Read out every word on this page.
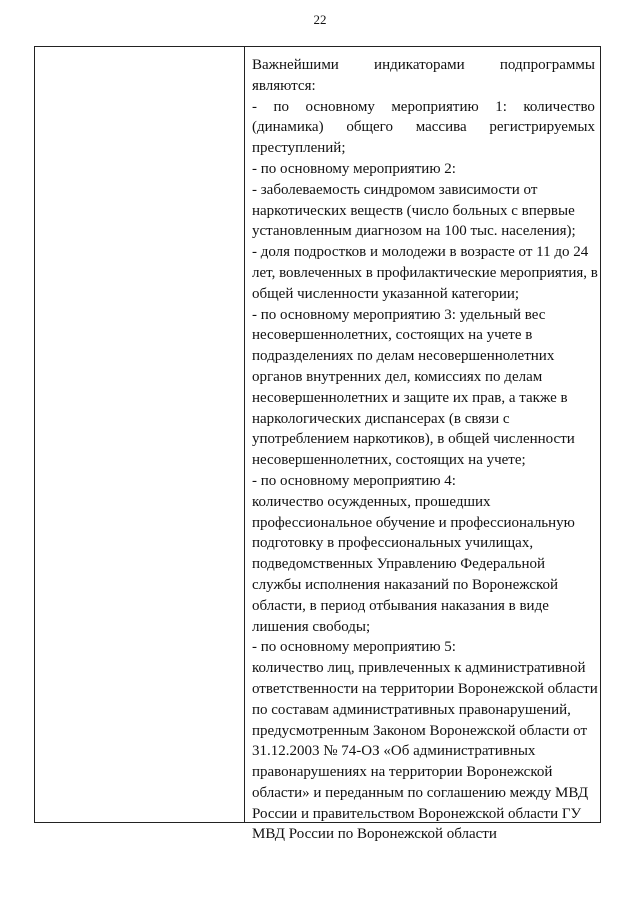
22
Важнейшими индикаторами подпрограммы
являются:
- по основному мероприятию 1: количество
(динамика) общего массива регистрируемых
преступлений;
- по основному мероприятию 2:
- заболеваемость синдромом зависимости от
наркотических веществ (число больных с впервые
установленным диагнозом на 100 тыс. населения);
- доля подростков и молодежи в возрасте от 11 до 24
лет, вовлеченных в профилактические мероприятия, в
общей численности указанной категории;
- по основному мероприятию 3: удельный вес
несовершеннолетних, состоящих на учете в
подразделениях по делам несовершеннолетних
органов внутренних дел, комиссиях по делам
несовершеннолетних и защите их прав, а также в
наркологических диспансерах (в связи с
употреблением наркотиков), в общей численности
несовершеннолетних, состоящих на учете;
- по основному мероприятию 4:
количество осужденных, прошедших
профессиональное обучение и профессиональную
подготовку в профессиональных училищах,
подведомственных Управлению Федеральной
службы исполнения наказаний по Воронежской
области, в период отбывания наказания в виде
лишения свободы;
- по основному мероприятию 5:
количество лиц, привлеченных к административной
ответственности на территории Воронежской области
по составам административных правонарушений,
предусмотренным Законом Воронежской области от
31.12.2003 № 74-ОЗ «Об административных
правонарушениях на территории Воронежской
области» и переданным по соглашению между МВД
России и правительством Воронежской области ГУ
МВД России по Воронежской области
